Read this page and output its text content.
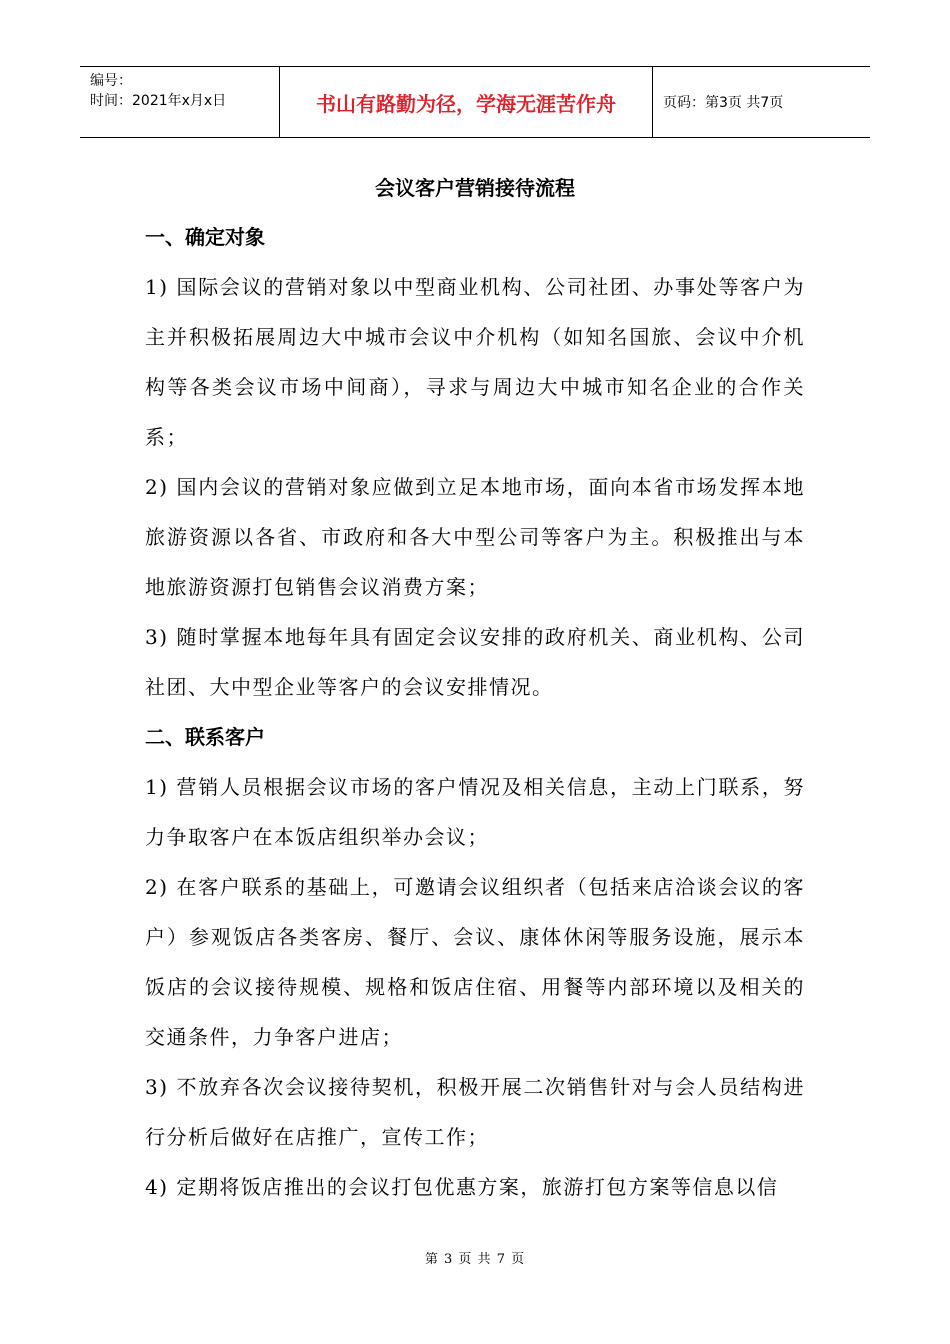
编号：
时间：2021年x月x日	书山有路勤为径，学海无涯苦作舟	页码：第3页 共7页
会议客户营销接待流程

一、确定对象

1) 国际会议的营销对象以中型商业机构、公司社团、办事处等客户为主并积极拓展周边大中城市会议中介机构（如知名国旅、会议中介机构等各类会议市场中间商），寻求与周边大中城市知名企业的合作关系；

2) 国内会议的营销对象应做到立足本地市场，面向本省市场发挥本地旅游资源以各省、市政府和各大中型公司等客户为主。积极推出与本地旅游资源打包销售会议消费方案；

3) 随时掌握本地每年具有固定会议安排的政府机关、商业机构、公司社团、大中型企业等客户的会议安排情况。

二、联系客户

1) 营销人员根据会议市场的客户情况及相关信息，主动上门联系，努力争取客户在本饭店组织举办会议；

2) 在客户联系的基础上，可邀请会议组织者（包括来店洽谈会议的客户）参观饭店各类客房、餐厅、会议、康体休闲等服务设施，展示本饭店的会议接待规模、规格和饭店住宿、用餐等内部环境以及相关的交通条件，力争客户进店；

3) 不放弃各次会议接待契机，积极开展二次销售针对与会人员结构进行分析后做好在店推广，宣传工作；

4) 定期将饭店推出的会议打包优惠方案，旅游打包方案等信息以信

第 3 页 共 7 页
